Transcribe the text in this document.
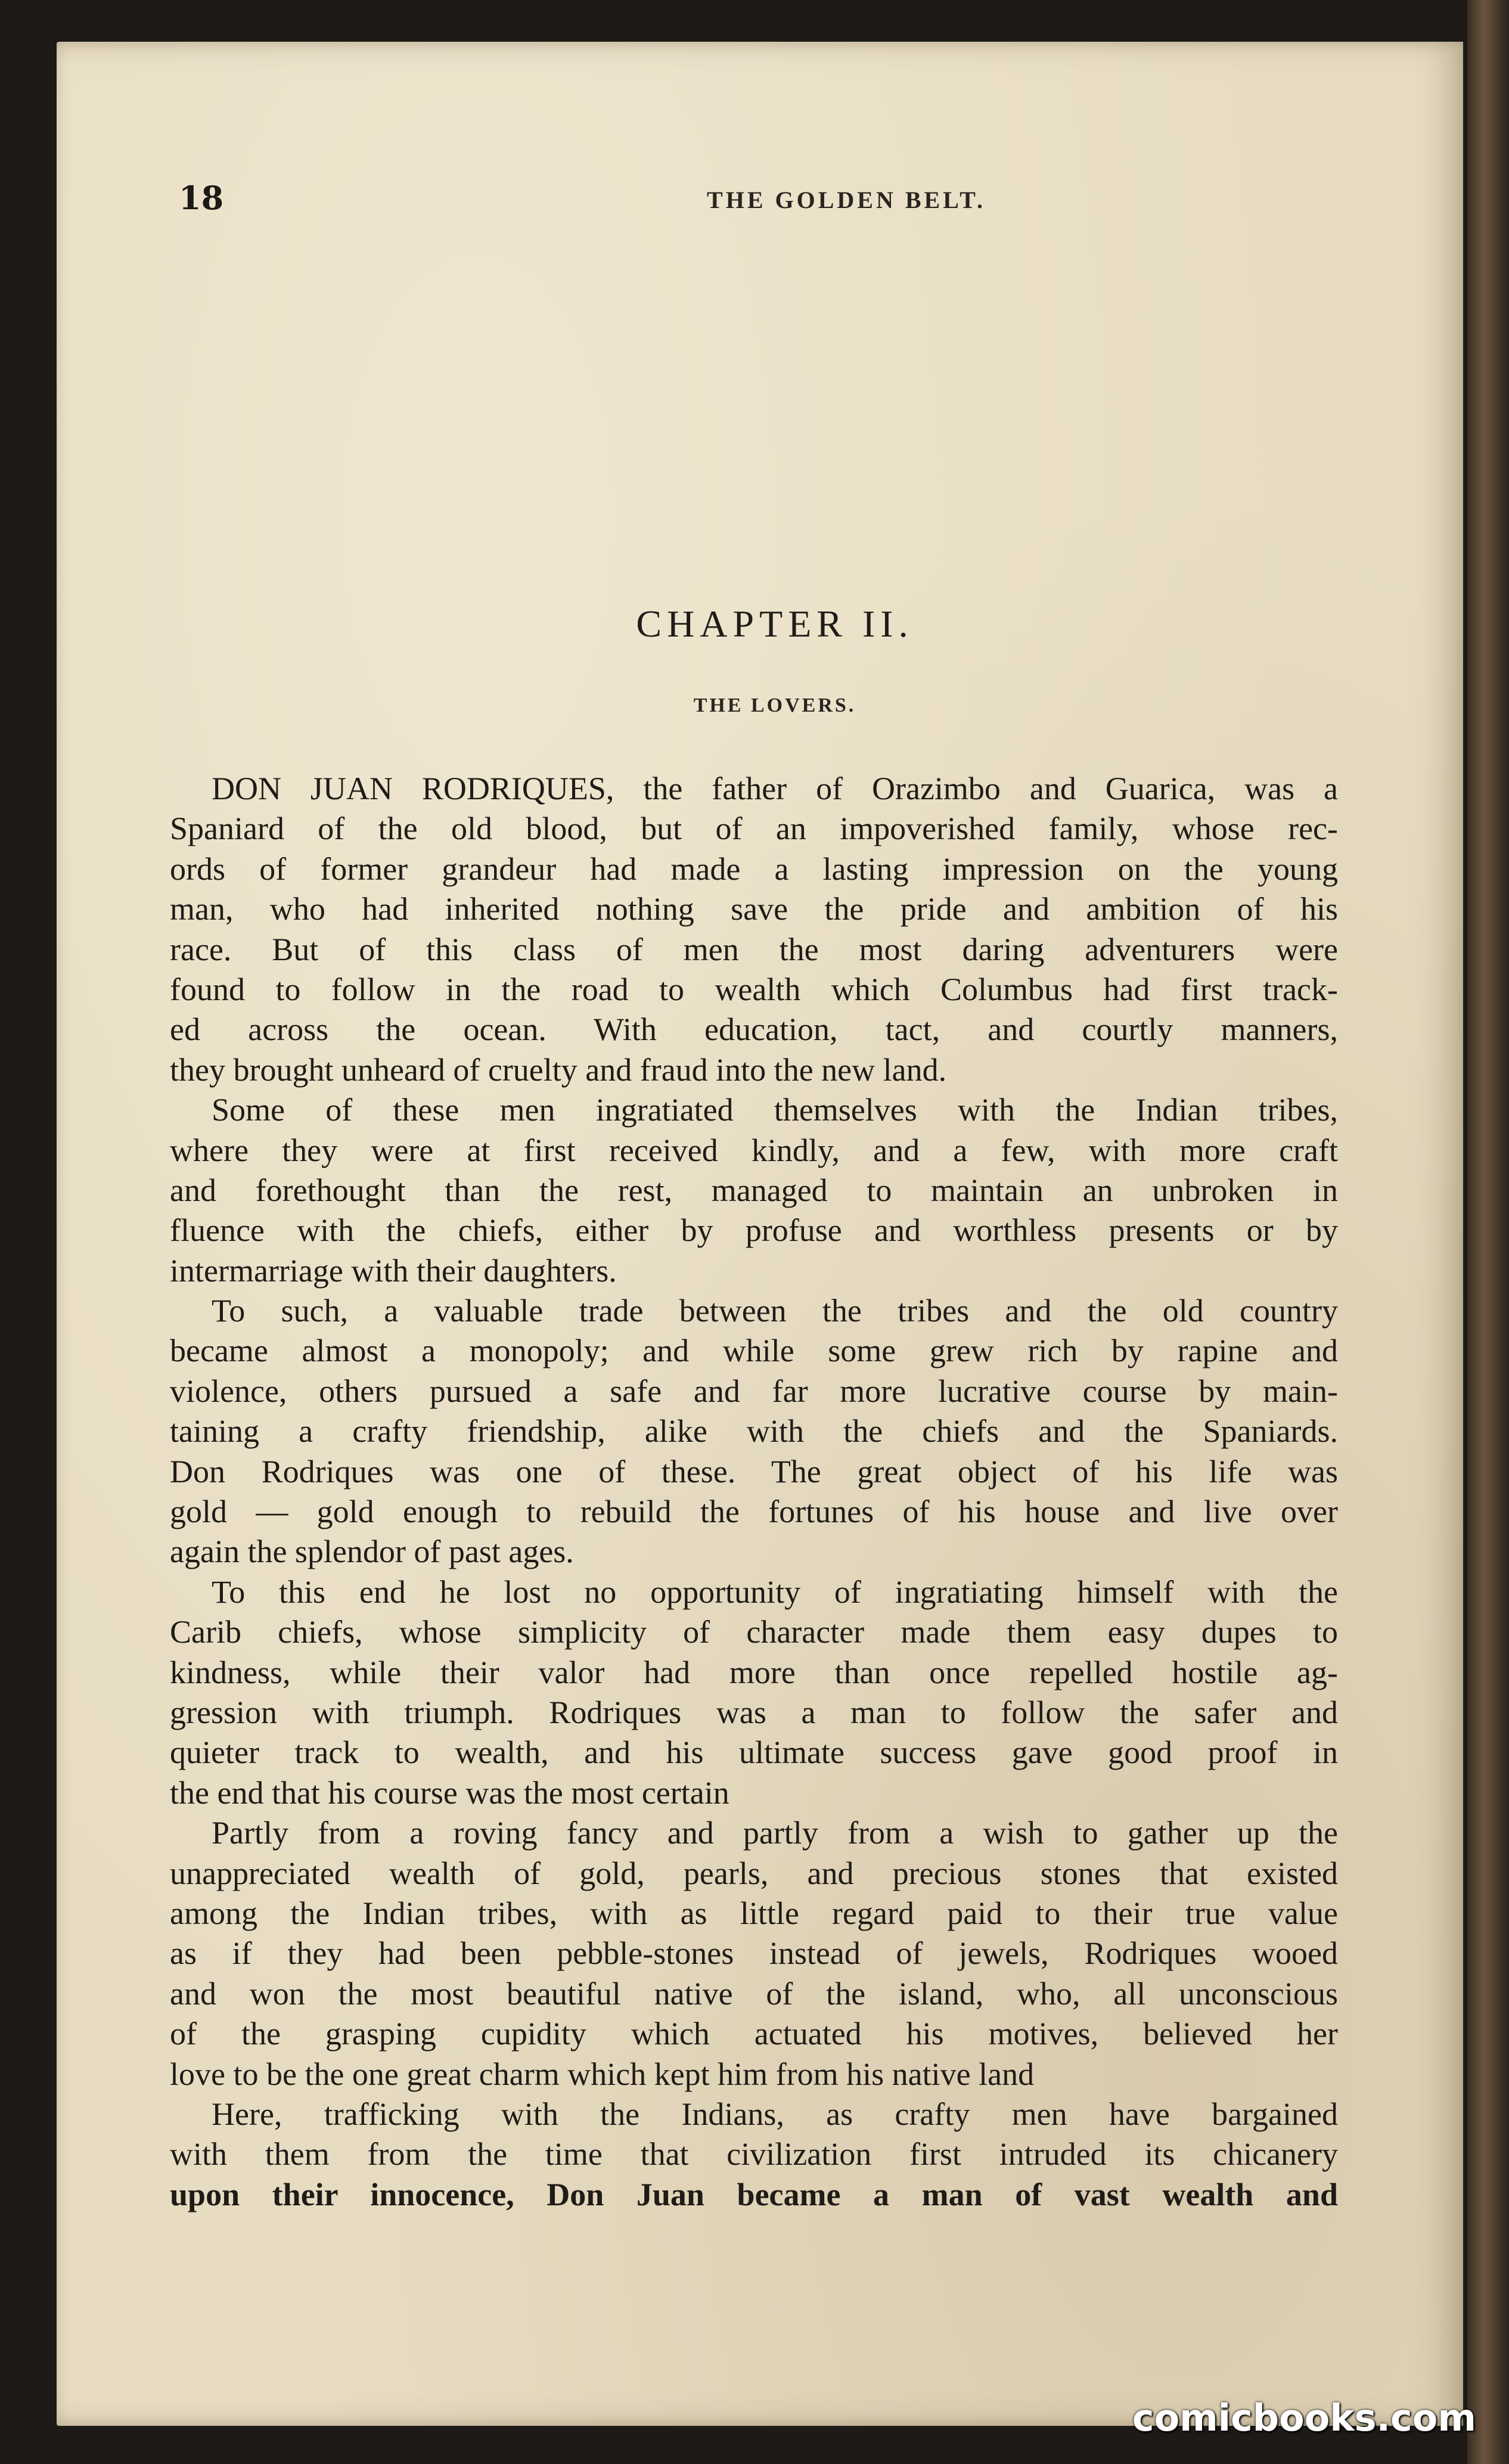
18	THE GOLDEN BELT.
CHAPTER II.
THE LOVERS.
DON JUAN RODRIQUES, the father of Orazimbo and Guarica, was a
Spaniard of the old blood, but of an impoverished family, whose rec-
ords of former grandeur had made a lasting impression on the young
man, who had inherited nothing save the pride and ambition of his
race. But of this class of men the most daring adventurers were
found to follow in the road to wealth which Columbus had first track-
ed across the ocean. With education, tact, and courtly manners,
they brought unheard of cruelty and fraud into the new land.
Some of these men ingratiated themselves with the Indian tribes,
where they were at first received kindly, and a few, with more craft
and forethought than the rest, managed to maintain an unbroken in
fluence with the chiefs, either by profuse and worthless presents or by
intermarriage with their daughters.
To such, a valuable trade between the tribes and the old country
became almost a monopoly; and while some grew rich by rapine and
violence, others pursued a safe and far more lucrative course by main-
taining a crafty friendship, alike with the chiefs and the Spaniards.
Don Rodriques was one of these. The great object of his life was
gold — gold enough to rebuild the fortunes of his house and live over
again the splendor of past ages.
To this end he lost no opportunity of ingratiating himself with the
Carib chiefs, whose simplicity of character made them easy dupes to
kindness, while their valor had more than once repelled hostile ag-
gression with triumph. Rodriques was a man to follow the safer and
quieter track to wealth, and his ultimate success gave good proof in
the end that his course was the most certain
Partly from a roving fancy and partly from a wish to gather up the
unappreciated wealth of gold, pearls, and precious stones that existed
among the Indian tribes, with as little regard paid to their true value
as if they had been pebble-stones instead of jewels, Rodriques wooed
and won the most beautiful native of the island, who, all unconscious
of the grasping cupidity which actuated his motives, believed her
love to be the one great charm which kept him from his native land
Here, trafficking with the Indians, as crafty men have bargained
with them from the time that civilization first intruded its chicanery
upon their innocence, Don Juan became a man of vast wealth and
comicbooks.com
